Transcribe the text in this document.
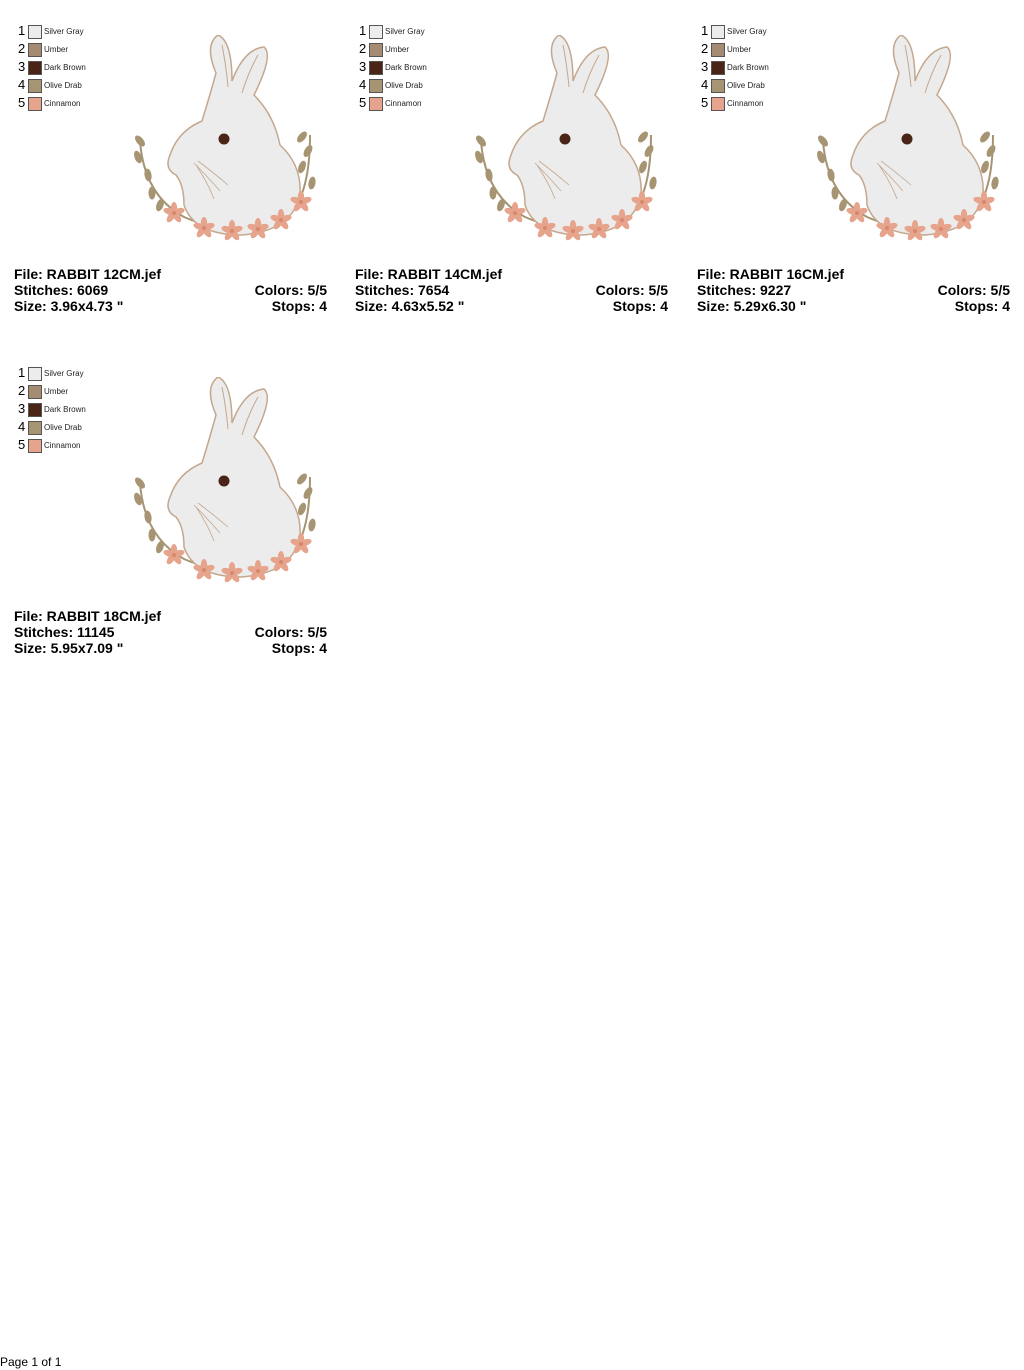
1 Silver Gray
2 Umber
3 Dark Brown
4 Olive Drab
5 Cinnamon
File: RABBIT 12CM.jef
Stitches: 6069	Colors: 5/5
Size: 3.96x4.73 "	Stops: 4
1 Silver Gray
2 Umber
3 Dark Brown
4 Olive Drab
5 Cinnamon
File: RABBIT 14CM.jef
Stitches: 7654	Colors: 5/5
Size: 4.63x5.52 "	Stops: 4
1 Silver Gray
2 Umber
3 Dark Brown
4 Olive Drab
5 Cinnamon
File: RABBIT 16CM.jef
Stitches: 9227	Colors: 5/5
Size: 5.29x6.30 "	Stops: 4
1 Silver Gray
2 Umber
3 Dark Brown
4 Olive Drab
5 Cinnamon
File: RABBIT 18CM.jef
Stitches: 11145	Colors: 5/5
Size: 5.95x7.09 "	Stops: 4
Page 1 of 1
